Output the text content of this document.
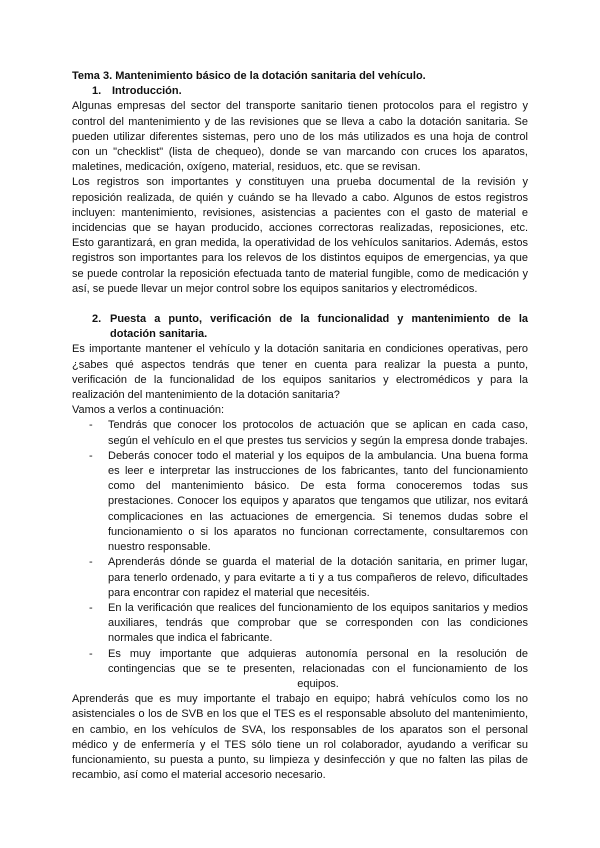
Tema 3. Mantenimiento básico de la dotación sanitaria del vehículo.
1. Introducción.
Algunas empresas del sector del transporte sanitario tienen protocolos para el registro y
control del mantenimiento y de las revisiones que se lleva a cabo la dotación sanitaria. Se
pueden utilizar diferentes sistemas, pero uno de los más utilizados es una hoja de control
con un "checklist" (lista de chequeo), donde se van marcando con cruces los aparatos,
maletines, medicación, oxígeno, material, residuos, etc. que se revisan.
Los registros son importantes y constituyen una prueba documental de la revisión y
reposición realizada, de quién y cuándo se ha llevado a cabo. Algunos de estos registros
incluyen: mantenimiento, revisiones, asistencias a pacientes con el gasto de material e
incidencias que se hayan producido, acciones correctoras realizadas, reposiciones, etc.
Esto garantizará, en gran medida, la operatividad de los vehículos sanitarios. Además, estos
registros son importantes para los relevos de los distintos equipos de emergencias, ya que
se puede controlar la reposición efectuada tanto de material fungible, como de medicación y
así, se puede llevar un mejor control sobre los equipos sanitarios y electromédicos.
2. Puesta a punto, verificación de la funcionalidad y mantenimiento de la
dotación sanitaria.
Es importante mantener el vehículo y la dotación sanitaria en condiciones operativas, pero
¿sabes qué aspectos tendrás que tener en cuenta para realizar la puesta a punto,
verificación de la funcionalidad de los equipos sanitarios y electromédicos y para la
realización del mantenimiento de la dotación sanitaria?
Vamos a verlos a continuación:
- Tendrás que conocer los protocolos de actuación que se aplican en cada caso,
según el vehículo en el que prestes tus servicios y según la empresa donde trabajes.
- Deberás conocer todo el material y los equipos de la ambulancia. Una buena forma
es leer e interpretar las instrucciones de los fabricantes, tanto del funcionamiento
como del mantenimiento básico. De esta forma conoceremos todas sus
prestaciones. Conocer los equipos y aparatos que tengamos que utilizar, nos evitará
complicaciones en las actuaciones de emergencia. Si tenemos dudas sobre el
funcionamiento o si los aparatos no funcionan correctamente, consultaremos con
nuestro responsable.
- Aprenderás dónde se guarda el material de la dotación sanitaria, en primer lugar,
para tenerlo ordenado, y para evitarte a ti y a tus compañeros de relevo, dificultades
para encontrar con rapidez el material que necesitéis.
- En la verificación que realices del funcionamiento de los equipos sanitarios y medios
auxiliares, tendrás que comprobar que se corresponden con las condiciones
normales que indica el fabricante.
- Es muy importante que adquieras autonomía personal en la resolución de
contingencias que se te presenten, relacionadas con el funcionamiento de los
equipos.
Aprenderás que es muy importante el trabajo en equipo; habrá vehículos como los no
asistenciales o los de SVB en los que el TES es el responsable absoluto del mantenimiento,
en cambio, en los vehículos de SVA, los responsables de los aparatos son el personal
médico y de enfermería y el TES sólo tiene un rol colaborador, ayudando a verificar su
funcionamiento, su puesta a punto, su limpieza y desinfección y que no falten las pilas de
recambio, así como el material accesorio necesario.
